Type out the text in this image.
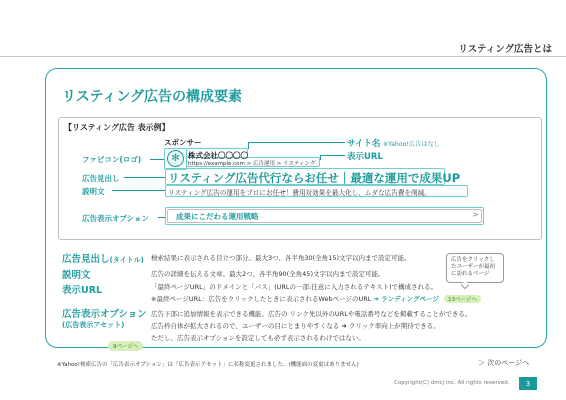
リスティング広告とは
リスティング広告の構成要素
【リスティング広告 表示例】
スポンサー
✻	株式会社〇〇〇〇
https://example.com > 広告運用 > リスティング
リスティング広告代行ならお任せ｜最適な運用で成果UP
リスティング広告の運用をプロにお任せ！費用対効果を最大化し、ムダな広告費を削減。
成果にこだわる運用戦略	>
ファビコン(ロゴ)
広告見出し
説明文
広告表示オプション
サイト名 ※Yahoo!広告はなし
表示URL
広告見出し(タイトル) 検索結果に表示される目立つ部分。最大3つ、各半角30(全角15)文字以内まで設定可能。
説明文	広告の詳細を伝える文章。最大2つ、各半角90(全角45)文字以内まで設定可能。
表示URL	「最終ページURL」のドメインと「パス」(URLの一部:任意に入力されるテキスト)で構成される。
※最終ページURL：広告をクリックしたときに表示されるWebページのURL ➜ ランディングページ 13ページへ
広告表示オプション
(広告表示アセット)
9ページへ
広告下部に追加情報を表示できる機能。広告の リンク先以外のURLや電話番号などを掲載することができる。
広告枠自体が拡大されるので、ユーザーの目にとまりやすくなる ➜ クリック率向上が期待できる。
ただし、広告表示オプションを設定しても必ず表示されるわけではない。
広告をクリックしたユーザーが最初に訪れるページ
※Yahoo!検索広告の「広告表示オプション」は「広告表示アセット」に名称変更されました。(機能面の変更はありません)	＞ 次のページへ
Copyright(C) dmcj inc. All rights reserved.	3
